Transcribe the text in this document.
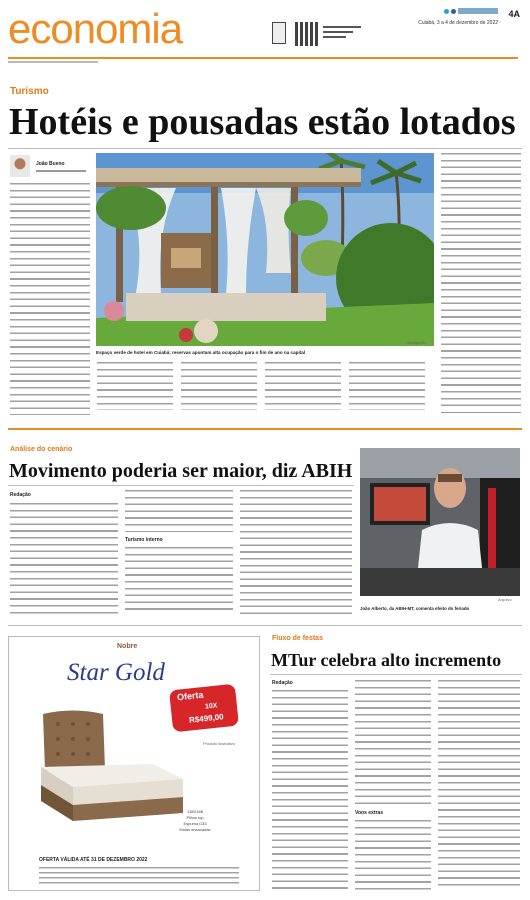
economia	4A
Cuiabá, 3 a 4 de dezembro de 2022
Turismo
Hotéis e pousadas estão lotados
João Bueno
Espaço verde de hotel em Cuiabá; reservas apontam alta ocupação para o fim de ano na capital
Divulgação
Análise do cenário
Movimento poderia ser maior, diz ABIH
Redação
Turismo interno
João Alberto, da ABIH-MT, comenta efeito do feriado
Arquivo
Nobre
Star Gold
Oferta
10X
R$499,00
Produto ilustrativo
138X188
Pillow top
Espuma D33
Molas ensacadas
OFERTA VÁLIDA ATÉ 31 DE DEZEMBRO 2022
Fluxo de festas
MTur celebra alto incremento
Redação
Voos extras
